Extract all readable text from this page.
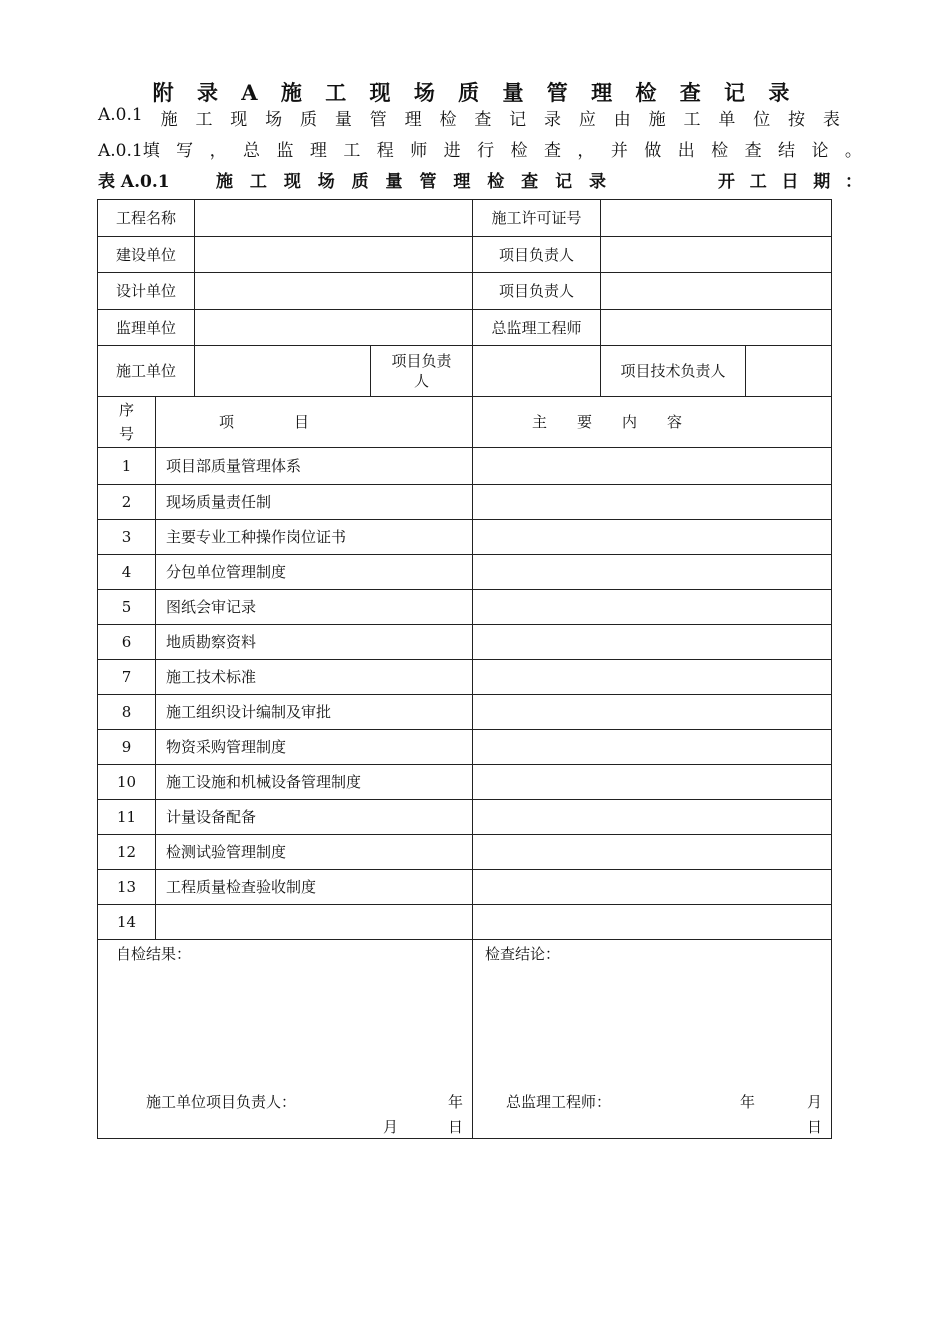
附 录 A 施 工 现 场 质 量 管 理 检 查 记 录
A.0.1 施 工 现 场 质 量 管 理 检 查 记 录 应 由 施 工 单 位 按 表
A.0.1填 写 ， 总 监 理 工 程 师 进 行 检 查 ， 并 做 出 检 查 结 论 。
表 A.0.1	施 工 现 场 质 量 管 理 检 查 记 录	开 工 日 期 ：
工程名称				施工许可证号		
建设单位				项目负责人		
设计单位				项目负责人		
监理单位				总监理工程师		
施工单位			项目负责人		项目技术负责人	
序号	项　　　　目			主　　要　　内　　容		
1	项目部质量管理体系					
2	现场质量责任制					
3	主要专业工种操作岗位证书					
4	分包单位管理制度					
5	图纸会审记录					
6	地质勘察资料					
7	施工技术标准					
8	施工组织设计编制及审批					
9	物资采购管理制度					
10	施工设施和机械设备管理制度					
11	计量设备配备					
12	检测试验管理制度					
13	工程质量检查验收制度					
14						

自检结果：
施工单位项目负责人： 年
月 日				检查结论：
总监理工程师： 年 月
日		
